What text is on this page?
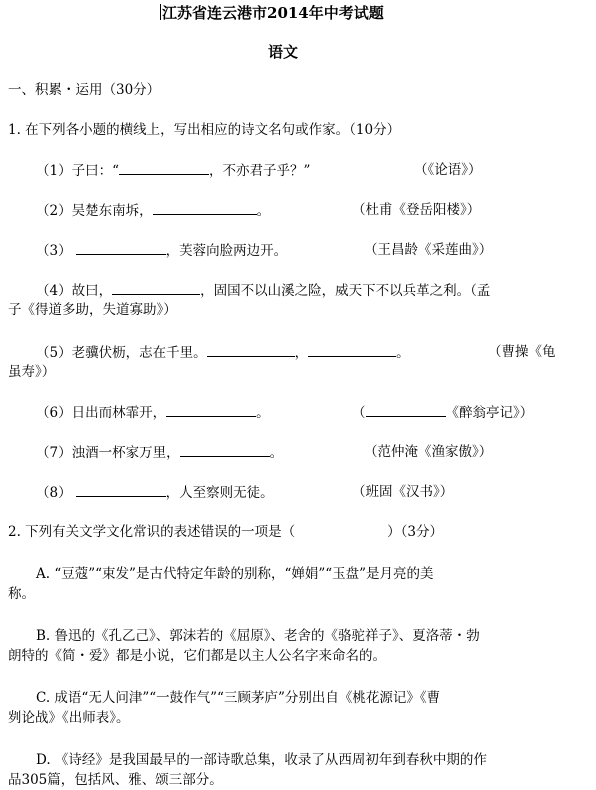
江苏省连云港市2014年中考试题
语文
一、积累・运用（30分）
1. 在下列各小题的横线上，写出相应的诗文名句或作家。（10分）
（1）子曰：“	，不亦君子乎？”	（《论语》）
（2）吴楚东南坼，	。	（杜甫《登岳阳楼》）
（3）	，芙蓉向脸两边开。	（王昌龄《采莲曲》）
（4）故曰，	，固国不以山溪之险，威天下不以兵革之利。（孟
子《得道多助，失道寡助》）
（5）老骥伏枥，志在千里。	，	。	（曹操《龟
虽寿》）
（6）日出而林霏开，	。	（	《醉翁亭记》）
（7）浊酒一杯家万里，	。	（范仲淹《渔家傲》）
（8）	，人至察则无徒。	（班固《汉书》）
2. 下列有关文学文化常识的表述错误的一项是（	）（3分）
A. “豆蔻”“束发”是古代特定年龄的别称，“婵娟”“玉盘”是月亮的美
称。
B. 鲁迅的《孔乙己》、郭沫若的《屈原》、老舍的《骆驼祥子》、夏洛蒂・勃
朗特的《简・爱》都是小说，它们都是以主人公名字来命名的。
C. 成语“无人问津”“一鼓作气”“三顾茅庐”分别出自《桃花源记》《曹
刿论战》《出师表》。
D. 《诗经》是我国最早的一部诗歌总集，收录了从西周初年到春秋中期的作
品305篇，包括风、雅、颂三部分。
